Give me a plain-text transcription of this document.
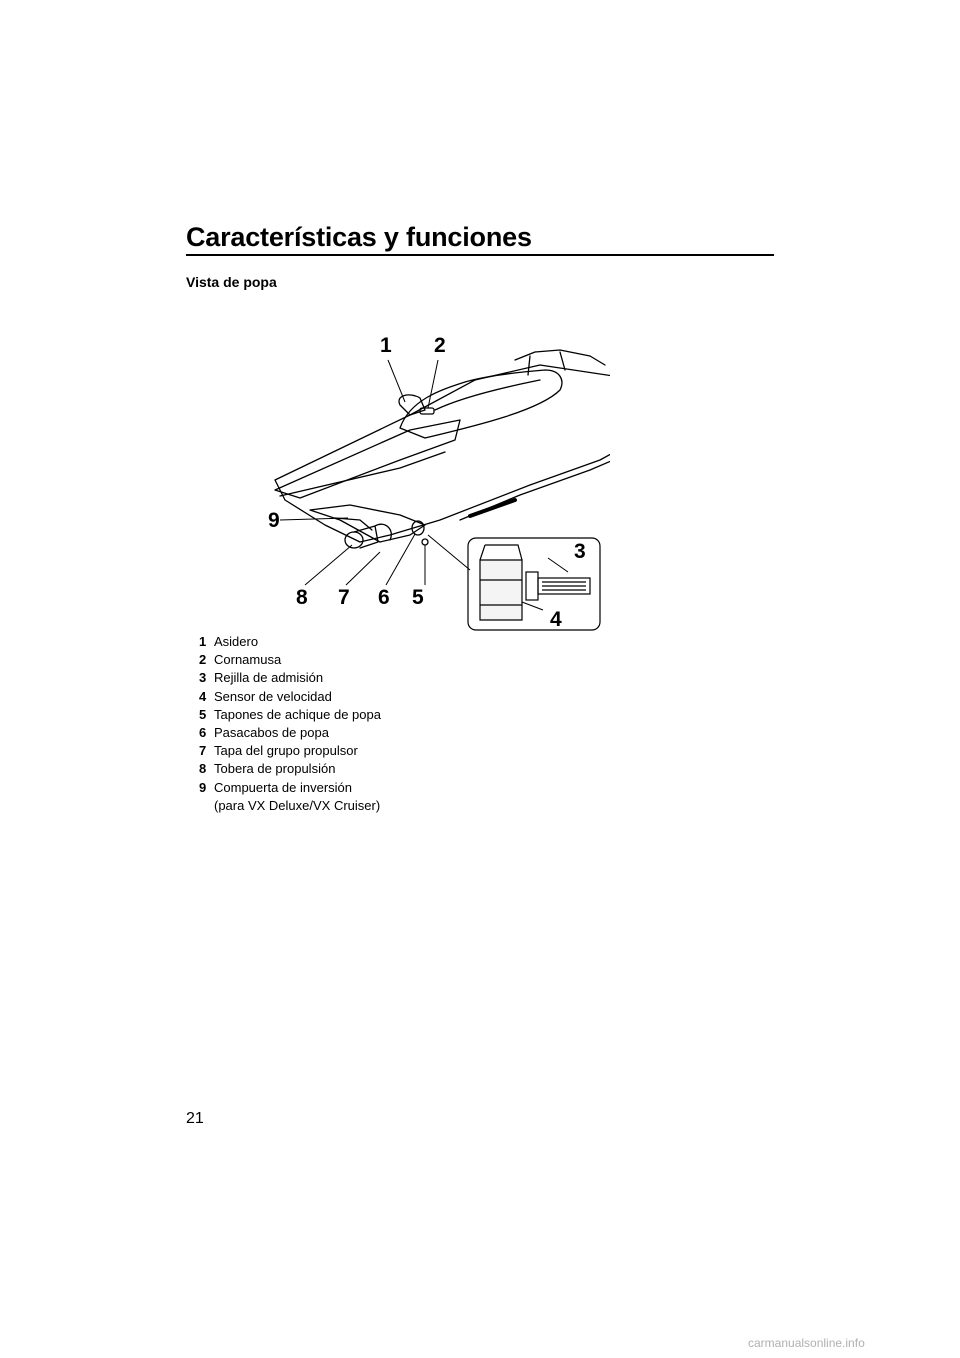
Características y funciones
Vista de popa
1 2
3
4
5
6
7
8
9
1 Asidero
2 Cornamusa
3 Rejilla de admisión
4 Sensor de velocidad
5 Tapones de achique de popa
6 Pasacabos de popa
7 Tapa del grupo propulsor
8 Tobera de propulsión
9 Compuerta de inversión
(para VX Deluxe/VX Cruiser)
21
carmanualsonline.info
